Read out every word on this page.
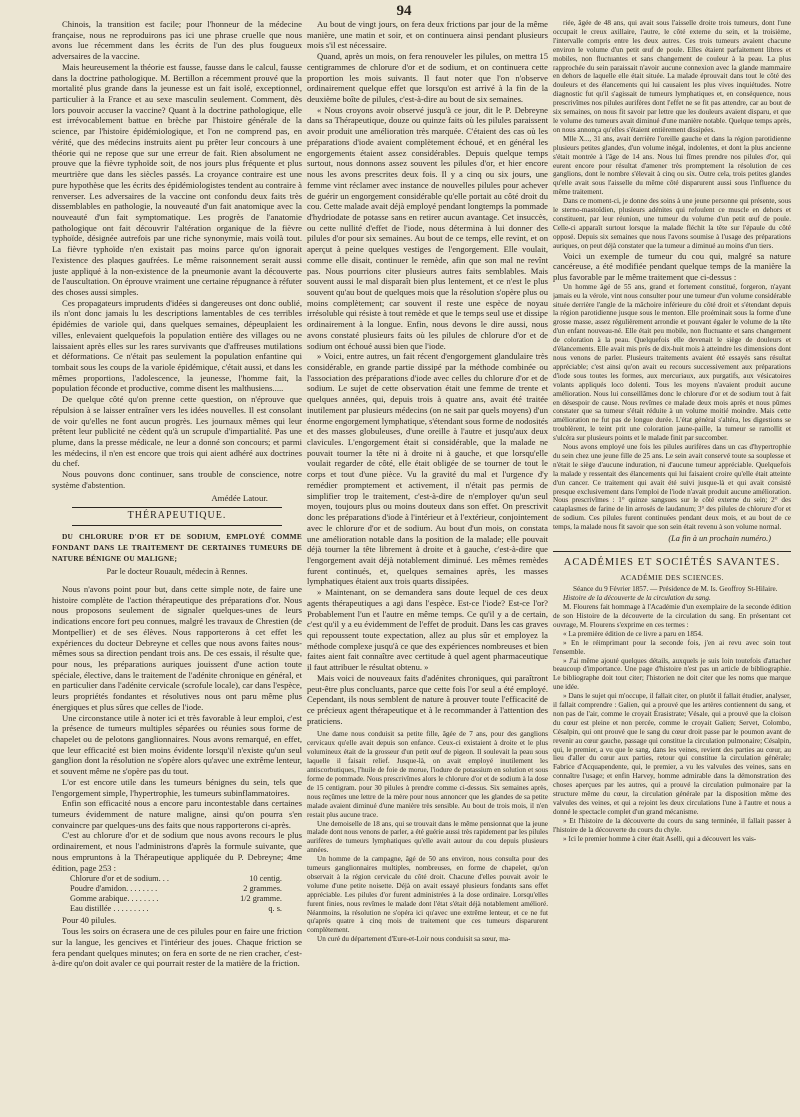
94

Chinois, la transition est facile; pour l'honneur de la médecine française, nous ne reproduirons pas ici une phrase cruelle que nous avons lue récemment dans les écrits de l'un des plus fougueux adversaires de la vaccine.

Mais heureusement la théorie est fausse, fausse dans le calcul, fausse dans la doctrine pathologique. M. Bertillon a récemment prouvé que la mortalité plus grande dans la jeunesse est un fait isolé, exceptionnel, particulier à la France et au sexe masculin seulement. Comment, dès lors pouvoir accuser la vaccine? Quant à la doctrine pathologique, elle est irrévocablement battue en brèche par l'histoire générale de la science, par l'histoire épidémiologique, et l'on ne comprend pas, en vérité, que des médecins instruits aient pu prêter leur concours à une théorie qui ne repose que sur une erreur de fait. Rien absolument ne prouve que la fièvre typhoïde soit, de nos jours plus fréquente et plus meurtrière que dans les siècles passés. La croyance contraire est une pure hypothèse que les écrits des épidémiologistes tendent au contraire à renverser. Les adversaires de la vaccine ont confondu deux faits très dissemblables en pathologie, la nouveauté d'un fait anatomique avec la nouveauté d'un fait symptomatique. Les progrès de l'anatomie pathologique ont fait découvrir l'altération organique de la fièvre typhoïde, désignée autrefois par une riche synonymie, mais voilà tout. La fièvre typhoïde n'en existait pas moins parce qu'on ignorait l'existence des plaques gaufrées. Le même raisonnement serait aussi juste appliqué à la non-existence de la pneumonie avant la découverte de l'auscultation. On éprouve vraiment une certaine répugnance à réfuter des choses aussi simples.

Ces propagateurs imprudents d'idées si dangereuses ont donc oublié, ils n'ont donc jamais lu les descriptions lamentables de ces terribles épidémies de variole qui, dans quelques semaines, dépeuplaient les villes, enlevaient quelquefois la population entière des villages ou ne laissaient après elles sur les rares survivants que d'affreuses mutilations et déformations. Ce n'était pas seulement la population enfantine qui tombait sous les coups de la variole épidémique, c'était aussi, et dans les mêmes proportions, l'adolescence, la jeunesse, l'homme fait, la population féconde et productive, comme disent les malthusiens.....

De quelque côté qu'on prenne cette question, on n'éprouve que répulsion à se laisser entraîner vers les idées nouvelles. Il est consolant de voir qu'elles ne font aucun progrès. Les journaux mêmes qui leur prêtent leur publicité ne cèdent qu'à un scrupule d'impartialité. Pas une plume, dans la presse médicale, ne leur a donné son concours; et parmi les médecins, il n'en est encore que trois qui aient adhéré aux doctrines du chef.

Nous pouvons donc continuer, sans trouble de conscience, notre système d'abstention.

Amédée Latour.
THÉRAPEUTIQUE.

DU CHLORURE D'OR ET DE SODIUM, EMPLOYÉ COMME FONDANT DANS LE TRAITEMENT DE CERTAINES TUMEURS DE NATURE BÉNIGNE OU MALIGNE;

Par le docteur Rouault, médecin à Rennes.

Nous n'avons point pour but, dans cette simple note, de faire une histoire complète de l'action thérapeutique des préparations d'or. Nous nous proposons seulement de signaler quelques-unes de leurs indications encore fort peu connues, malgré les travaux de Chrestien (de Montpellier) et de ses élèves. Nous rapporterons à cet effet les expériences du docteur Debreyne et celles que nous avons faites nous-mêmes sous sa direction pendant trois ans. De ces essais, il résulte que, pour nous, les préparations auriques jouissent d'une action toute spéciale, élective, dans le traitement de l'adénite chronique en général, et en particulier dans l'adénite cervicale (scrofule locale), car dans l'espèce, leurs propriétés fondantes et résolutives nous ont paru même plus énergiques et plus sûres que celles de l'iode.

Une circonstance utile à noter ici et très favorable à leur emploi, c'est la présence de tumeurs multiples séparées ou réunies sous forme de chapelet ou de pelotons ganglionnaires. Nous avons remarqué, en effet, que leur efficacité est bien moins évidente lorsqu'il n'existe qu'un seul ganglion dont la résolution ne s'opère alors qu'avec une extrême lenteur, et souvent même ne s'opère pas du tout.

L'or est encore utile dans les tumeurs bénignes du sein, tels que l'engorgement simple, l'hypertrophie, les tumeurs subinflammatoires.

Enfin son efficacité nous a encore paru incontestable dans certaines tumeurs évidemment de nature maligne, ainsi qu'on pourra s'en convaincre par quelques-uns des faits que nous rapporterons ci-après.

C'est au chlorure d'or et de sodium que nous avons recours le plus ordinairement, et nous l'administrons d'après la formule suivante, que nous empruntons à la Thérapeutique appliquée du P. Debreyne; 4me édition, page 253 :

Chlorure d'or et de sodium. . .	10 centig.
Poudre d'amidon. . . . . . . .	2 grammes.
Gomme arabique. . . . . . . .	1/2 gramme.
Eau distillée . . . . . . . . .	q. s.

Pour 40 pilules.

Tous les soirs on écrasera une de ces pilules pour en faire une friction sur la langue, les gencives et l'intérieur des joues. Chaque friction se fera pendant quelques minutes; on fera en sorte de ne rien cracher, c'est-à-dire qu'on doit avaler ce qui pourrait rester de la matière de la friction.

Au bout de vingt jours, on fera deux frictions par jour de la même manière, une matin et soir, et on continuera ainsi pendant plusieurs mois s'il est nécessaire.

Quand, après un mois, on fera renouveler les pilules, on mettra 15 centigrammes de chlorure d'or et de sodium, et on continuera cette proportion les mois suivants. Il faut noter que l'on n'observe ordinairement quelque effet que lorsqu'on est arrivé à la fin de la deuxième boîte de pilules, c'est-à-dire au bout de six semaines.

« Nous croyons avoir observé jusqu'à ce jour, dit le P. Debreyne dans sa Thérapeutique, douze ou quinze faits où les pilules paraissent avoir produit une amélioration très marquée. C'étaient des cas où les préparations d'iode avaient complètement échoué, et en général les engorgements étaient assez considérables. Depuis quelque temps surtout, nous donnons assez souvent les pilules d'or, et hier encore nous les avons prescrites deux fois. Il y a cinq ou six jours, une femme vint réclamer avec instance de nouvelles pilules pour achever de guérir un engorgement considérable qu'elle portait au côté droit du cou. Cette malade avait déjà employé pendant longtemps la pommade d'hydriodate de potasse sans en retirer aucun avantage. Cet insuccès, ou cette nullité d'effet de l'iode, nous détermina à lui donner des pilules d'or pour six semaines. Au bout de ce temps, elle revint, et on aperçut à peine quelques vestiges de l'engorgement. Elle voulait, comme elle disait, continuer le remède, afin que son mal ne revînt pas. Nous pourrions citer plusieurs autres faits semblables. Mais souvent aussi le mal disparaît bien plus lentement, et ce n'est le plus souvent qu'au bout de quelques mois que la résolution s'opère plus ou moins complètement; car souvent il reste une espèce de noyau irrésoluble qui résiste à tout remède et que le temps seul use et dissipe ordinairement à la longue. Enfin, nous devons le dire aussi, nous avons constaté plusieurs faits où les pilules de chlorure d'or et de sodium ont échoué aussi bien que l'iode.

» Voici, entre autres, un fait récent d'engorgement glandulaire très considérable, en grande partie dissipé par la méthode combinée ou l'association des préparations d'iode avec celles du chlorure d'or et de sodium. Le sujet de cette observation était une femme de trente et quelques années, qui, depuis trois à quatre ans, avait été traitée inutilement par plusieurs médecins (on ne sait par quels moyens) d'un énorme engorgement lymphatique, s'étendant sous forme de nodosités et des masses globuleuses, d'une oreille à l'autre et jusqu'aux deux clavicules. L'engorgement était si considérable, que la malade ne pouvait tourner la tête ni à droite ni à gauche, et que lorsqu'elle voulait regarder de côté, elle était obligée de se tourner de tout le corps et tout d'une pièce. Vu la gravité du mal et l'urgence d'y remédier promptement et activement, il n'était pas permis de simplifier trop le traitement, c'est-à-dire de n'employer qu'un seul moyen, toujours plus ou moins douteux dans son effet. On prescrivit donc les préparations d'iode à l'intérieur et à l'extérieur, conjointement avec le chlorure d'or et de sodium. Au bout d'un mois, on constata une amélioration notable dans la position de la malade; elle pouvait déjà tourner la tête librement à droite et à gauche, c'est-à-dire que l'engorgement avait déjà notablement diminué. Les mêmes remèdes furent continués, et, quelques semaines après, les masses lymphatiques étaient aux trois quarts dissipées.

» Maintenant, on se demandera sans doute lequel de ces deux agents thérapeutiques a agi dans l'espèce. Est-ce l'iode? Est-ce l'or? Probablement l'un et l'autre en même temps. Ce qu'il y a de certain, c'est qu'il y a eu évidemment de l'effet de produit. Dans les cas graves qui repoussent toute expectation, allez au plus sûr et employez la méthode complexe jusqu'à ce que des expériences nombreuses et bien faites aient fait connaître avec certitude à quel agent pharmaceutique il faut attribuer le résultat obtenu. »

Mais voici de nouveaux faits d'adénites chroniques, qui paraîtront peut-être plus concluants, parce que cette fois l'or seul a été employé. Cependant, ils nous semblent de nature à prouver toute l'efficacité de ce précieux agent thérapeutique et à le recommander à l'attention des praticiens.

Une dame nous conduisit sa petite fille, âgée de 7 ans, pour des ganglions cervicaux qu'elle avait depuis son enfance. Ceux-ci existaient à droite et le plus volumineux était de la grosseur d'un petit œuf de pigeon. Il soulevait la peau sous laquelle il faisait relief. Jusque-là, on avait employé inutilement les antiscorbutiques, l'huile de foie de morue, l'iodure de potassium en solution et sous forme de pommade. Nous prescrivîmes alors le chlorure d'or et de sodium à la dose de 15 centigram. pour 30 pilules à prendre comme ci-dessus. Six semaines après, nous reçûmes une lettre de la mère pour nous annoncer que les glandes de sa petite malade avaient diminué d'une manière très sensible. Au bout de trois mois, il n'en restait plus aucune trace.

Une demoiselle de 18 ans, qui se trouvait dans le même pensionnat que la jeune malade dont nous venons de parler, a été guérie aussi très rapidement par les pilules aurifères de tumeurs lymphatiques qu'elle avait autour du cou depuis plusieurs années.

Un homme de la campagne, âgé de 50 ans environ, nous consulta pour des tumeurs ganglionnaires multiples, nombreuses, en forme de chapelet, qu'on observait à la région cervicale du côté droit. Chacune d'elles pouvait avoir le volume d'une petite noisette. Déjà on avait essayé plusieurs fondants sans effet appréciable. Les pilules d'or furent administrées à la dose ordinaire. Lorsqu'elles furent finies, nous revîmes le malade dont l'état s'était déjà notablement amélioré. Néanmoins, la résolution ne s'opéra ici qu'avec une extrême lenteur, et ce ne fut qu'après quatre à cinq mois de traitement que ces tumeurs disparurent complètement.

Un curé du département d'Eure-et-Loir nous conduisit sa sœur, ma-

riée, âgée de 48 ans, qui avait sous l'aisselle droite trois tumeurs, dont l'une occupait le creux axillaire, l'autre, le côté externe du sein, et la troisième, l'intervalle compris entre les deux autres. Ces trois tumeurs avaient chacune environ le volume d'un petit œuf de poule. Elles étaient parfaitement libres et mobiles, non fluctuantes et sans changement de couleur à la peau. La plus rapprochée du sein paraissait n'avoir aucune connexion avec la glande mammaire en dehors de laquelle elle était située. La malade éprouvait dans tout le côté des douleurs et des élancements qui lui causaient les plus vives inquiétudes. Notre diagnostic fut qu'il s'agissait de tumeurs lymphatiques et, en conséquence, nous prescrivîmes nos pilules aurifères dont l'effet ne se fit pas attendre, car au bout de six semaines, on nous fit savoir par lettre que les douleurs avaient disparu, et que le volume des tumeurs avait diminué d'une manière notable. Quelque temps après, on nous annonça qu'elles s'étaient entièrement dissipées.

Mlle X..., 31 ans, avait derrière l'oreille gauche et dans la région parotidienne plusieurs petites glandes, d'un volume inégal, indolentes, et dont la plus ancienne s'était montrée à l'âge de 14 ans. Nous lui fîmes prendre nos pilules d'or, qui eurent encore pour résultat d'amener très promptement la résolution de ces ganglions, dont le nombre s'élevait à cinq ou six. Outre cela, trois petites glandes qu'elle avait sous l'aisselle du même côté disparurent aussi sous l'influence du même traitement.

Dans ce moment-ci, je donne des soins à une jeune personne qui présente, sous le sterno-mastoïdien, plusieurs adénites qui refoulent ce muscle en dehors et constituent, par leur réunion, une tumeur du volume d'un petit œuf de poule. Celle-ci apparaît surtout lorsque la malade fléchit la tête sur l'épaule du côté opposé. Depuis six semaines que nous l'avons soumise à l'usage des préparations auriques, on peut déjà constater que la tumeur a diminué au moins d'un tiers.

Voici un exemple de tumeur du cou qui, malgré sa nature cancéreuse, a été modifiée pendant quelque temps de la manière la plus favorable par le même traitement que ci-dessus :

Un homme âgé de 55 ans, grand et fortement constitué, forgeron, n'ayant jamais eu la vérole, vint nous consulter pour une tumeur d'un volume considérable située derrière l'angle de la mâchoire inférieure du côté droit et s'étendant depuis la région parotidienne jusque sous le menton. Elle proéminait sous la forme d'une grosse masse, assez régulièrement arrondie et pouvant égaler le volume de la tête d'un enfant nouveau-né. Elle était peu mobile, non fluctuante et sans changement de coloration à la peau. Quelquefois elle devenait le siège de douleurs et d'élancements. Elle avait mis près de dix-huit mois à atteindre les dimensions dont nous venons de parler. Plusieurs traitements avaient été essayés sans résultat appréciable; c'est ainsi qu'on avait eu recours successivement aux préparations d'iode sous toutes les formes, aux mercuriaux, aux purgatifs, aux vésicatoires volants appliqués loco dolenti. Tous les moyens n'avaient produit aucune amélioration. Nous lui conseillâmes donc le chlorure d'or et de sodium tout à fait en désespoir de cause. Nous revîmes ce malade deux mois après et nous pûmes constater que sa tumeur s'était réduite à un volume moitié moindre. Mais cette amélioration ne fut pas de longue durée. L'état général s'altéra, les digestions se troublèrent, le teint prit une coloration jaune-paille, la tumeur se ramollit et s'ulcéra sur plusieurs points et le malade finit par succomber.

Nous avons employé une fois les pilules aurifères dans un cas d'hypertrophie du sein chez une jeune fille de 25 ans. Le sein avait conservé toute sa souplesse et n'était le siège d'aucune induration, ni d'aucune tumeur appréciable. Quelquefois la malade y ressentait des élancements qui lui faisaient croire qu'elle était atteinte d'un cancer. Ce traitement qui avait été suivi jusque-là et qui avait consisté presque exclusivement dans l'emploi de l'iode n'avait produit aucune amélioration. Nous prescrivîmes : 1° quinze sangsues sur le côté externe du sein; 2° des cataplasmes de farine de lin arrosés de laudanum; 3° des pilules de chlorure d'or et de sodium. Ces pilules furent continuées pendant deux mois, et au bout de ce temps, la malade nous fit savoir que son sein était revenu à son volume normal.

(La fin à un prochain numéro.)
ACADÉMIES ET SOCIÉTÉS SAVANTES.
ACADÉMIE DES SCIENCES.

Séance du 9 Février 1857. — Présidence de M. Is. Geoffroy St-Hilaire.

Histoire de la découverte de la circulation du sang.

M. Flourens fait hommage à l'Académie d'un exemplaire de la seconde édition de son Histoire de la découverte de la circulation du sang. En présentant cet ouvrage, M. Flourens s'exprime en ces termes :

« La première édition de ce livre a paru en 1854.

» En le réimprimant pour la seconde fois, j'en ai revu avec soin tout l'ensemble.

» J'ai même ajouté quelques détails, auxquels je suis loin toutefois d'attacher beaucoup d'importance. Une page d'histoire n'est pas un article de bibliographie. Le bibliographe doit tout citer; l'historien ne doit citer que les noms que marque une idée.

» Dans le sujet qui m'occupe, il fallait citer, on plutôt il fallait étudier, analyser, il fallait comprendre : Galien, qui a prouvé que les artères contiennent du sang, et non pas de l'air, comme le croyait Érasistrate; Vésale, qui a prouvé que la cloison du cœur est pleine et non percée, comme le croyait Galien; Servet, Colombo, Césalpin, qui ont prouvé que le sang du cœur droit passe par le poumon avant de revenir au cœur gauche, passage qui constitue la circulation pulmonaire; Césalpin, qui, le premier, a vu que le sang, dans les veines, revient des parties au cœur, au lieu d'aller du cœur aux parties, retour qui constitue la circulation générale; Fabrice d'Acquapendente, qui, le premier, a vu les valvules des veines, sans en connaître l'usage; et enfin Harvey, homme admirable dans la démonstration des choses aperçues par les autres, qui a prouvé la circulation pulmonaire par la structure même du cœur, la circulation générale par la disposition même des valvules des veines, et qui a rejoint les deux circulations l'une à l'autre et nous a donné le spectacle complet d'un grand mécanisme.

» Et l'histoire de la découverte du cours du sang terminée, il fallait passer à l'histoire de la découverte du cours du chyle.

» Ici le premier homme à citer était Aselli, qui a découvert les vais-
